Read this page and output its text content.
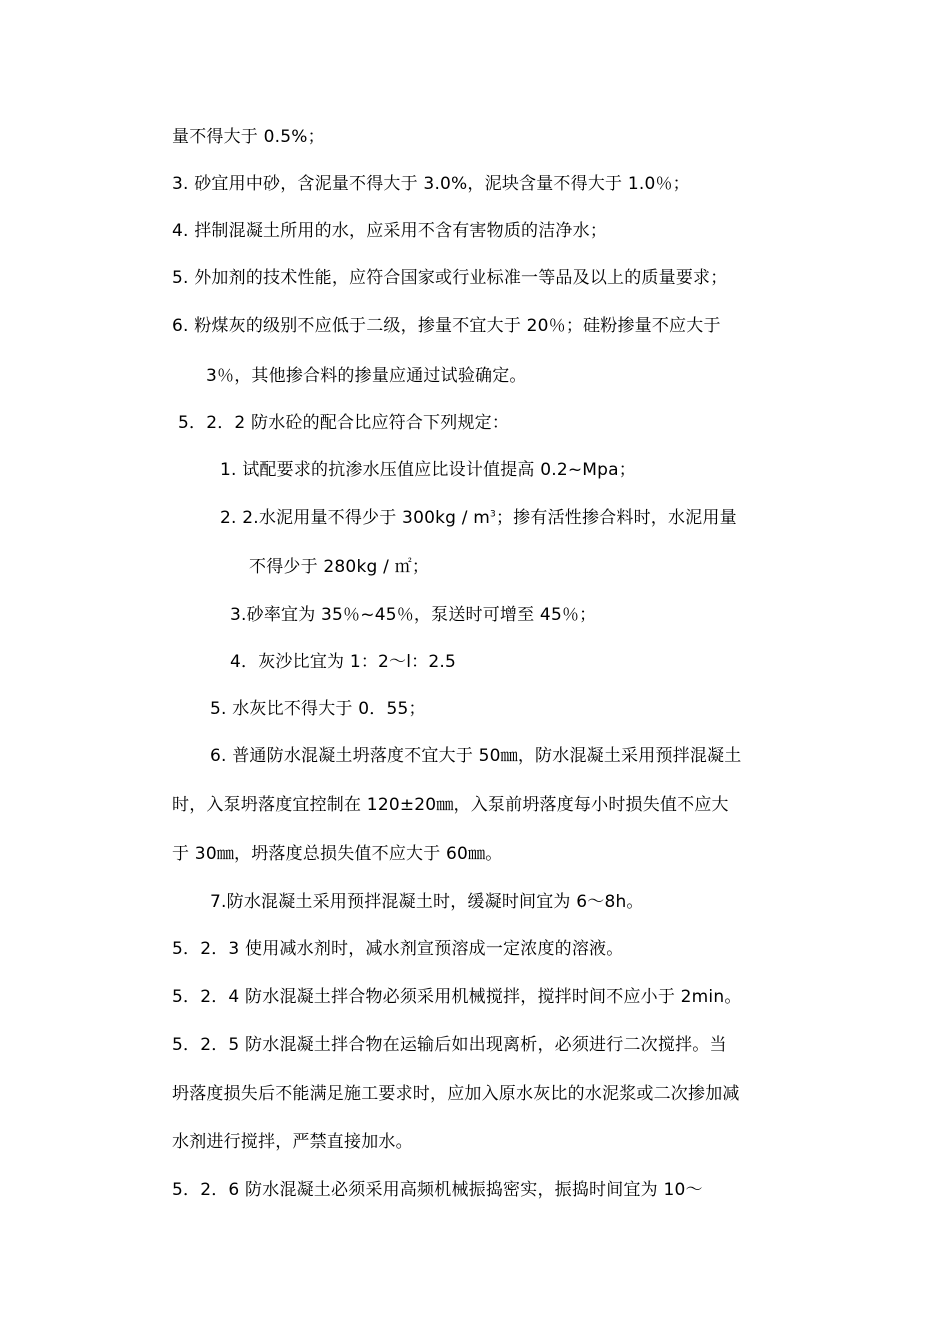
量不得大于 0.5%；
3. 砂宜用中砂，含泥量不得大于 3.0%，泥块含量不得大于 1.0％；
4. 拌制混凝土所用的水，应采用不含有害物质的洁净水；
5. 外加剂的技术性能，应符合国家或行业标准一等品及以上的质量要求；
6. 粉煤灰的级别不应低于二级，掺量不宜大于 20％；硅粉掺量不应大于
3％，其他掺合料的掺量应通过试验确定。
5．2．2 防水砼的配合比应符合下列规定：
1. 试配要求的抗渗水压值应比设计值提高 0.2~Mpa；
2. 2.水泥用量不得少于 $300kg / m^3$；掺有活性掺合料时，水泥用量
不得少于 280kg / ㎡；
3.砂率宜为 35％~45％，泵送时可增至 45％；
4．灰沙比宜为 1：2～l：2.5
5. 水灰比不得大于 0．55；
6. 普通防水混凝土坍落度不宜大于 50㎜，防水混凝土采用预拌混凝土
时，入泵坍落度宜控制在 120±20㎜，入泵前坍落度每小时损失值不应大
于 30㎜，坍落度总损失值不应大于 60㎜。
7.防水混凝土采用预拌混凝土时，缓凝时间宜为 6～8h。
5．2．3 使用减水剂时，减水剂宣预溶成一定浓度的溶液。
5．2．4 防水混凝土拌合物必须采用机械搅拌，搅拌时间不应小于 2min。
5．2．5 防水混凝土拌合物在运输后如出现离析，必须进行二次搅拌。当
坍落度损失后不能满足施工要求时，应加入原水灰比的水泥浆或二次掺加减
水剂进行搅拌，严禁直接加水。
5．2．6 防水混凝土必须采用高频机械振捣密实，振捣时间宜为 10～
